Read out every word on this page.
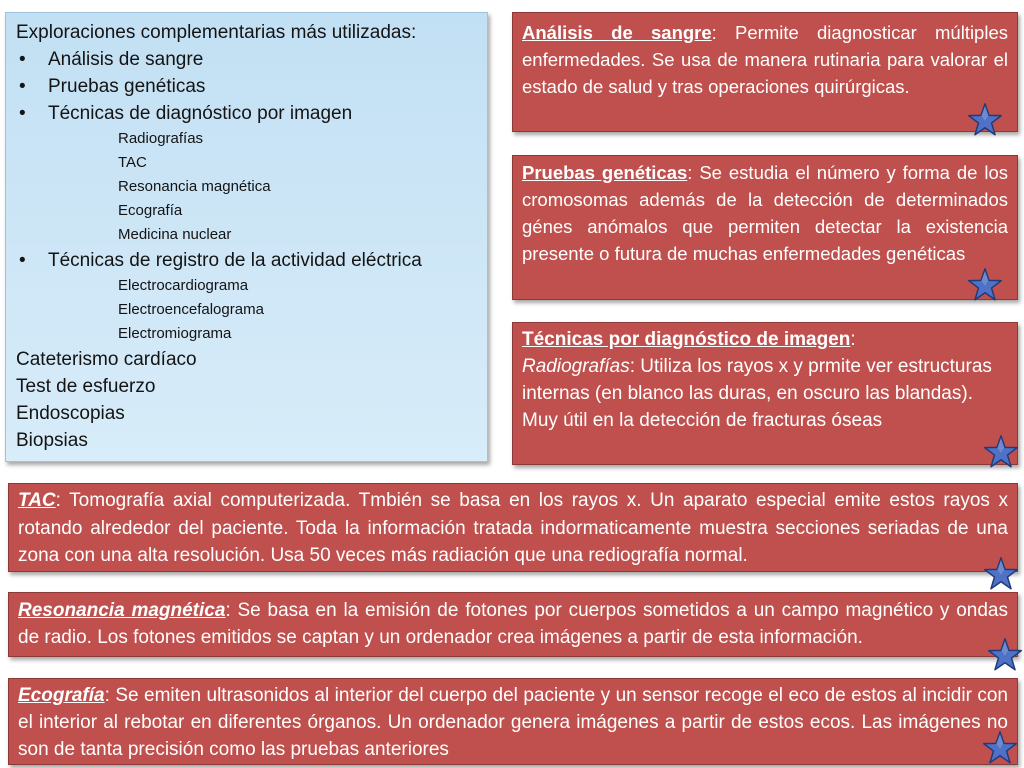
Exploraciones complementarias más utilizadas:
• Análisis de sangre
• Pruebas genéticas
• Técnicas de diagnóstico por imagen
Radiografías
TAC
Resonancia magnética
Ecografía
Medicina nuclear
• Técnicas de registro de la actividad eléctrica
Electrocardiograma
Electroencefalograma
Electromiograma
Cateterismo cardíaco
Test de esfuerzo
Endoscopias
Biopsias

Análisis de sangre: Permite diagnosticar múltiples enfermedades. Se usa de manera rutinaria para valorar el estado de salud y tras operaciones quirúrgicas.

Pruebas genéticas: Se estudia el número y forma de los cromosomas además de la detección de determinados génes anómalos que permiten detectar la existencia presente o futura de muchas enfermedades genéticas

Técnicas por diagnóstico de imagen:
Radiografías: Utiliza los rayos x y prmite ver estructuras internas (en blanco las duras, en oscuro las blandas). Muy útil en la detección de fracturas óseas

TAC: Tomografía axial computerizada. Tmbién se basa en los rayos x. Un aparato especial emite estos rayos x rotando alrededor del paciente. Toda la información tratada indormaticamente muestra secciones seriadas de una zona con una alta resolución. Usa 50 veces más radiación que una rediografía normal.

Resonancia magnética: Se basa en la emisión de fotones por cuerpos sometidos a un campo magnético y ondas de radio. Los fotones emitidos se captan y un ordenador crea imágenes a partir de esta información.

Ecografía: Se emiten ultrasonidos al interior del cuerpo del paciente y un sensor recoge el eco de estos al incidir con el interior al rebotar en diferentes órganos. Un ordenador genera imágenes a partir de estos ecos. Las imágenes no son de tanta precisión como las pruebas anteriores
